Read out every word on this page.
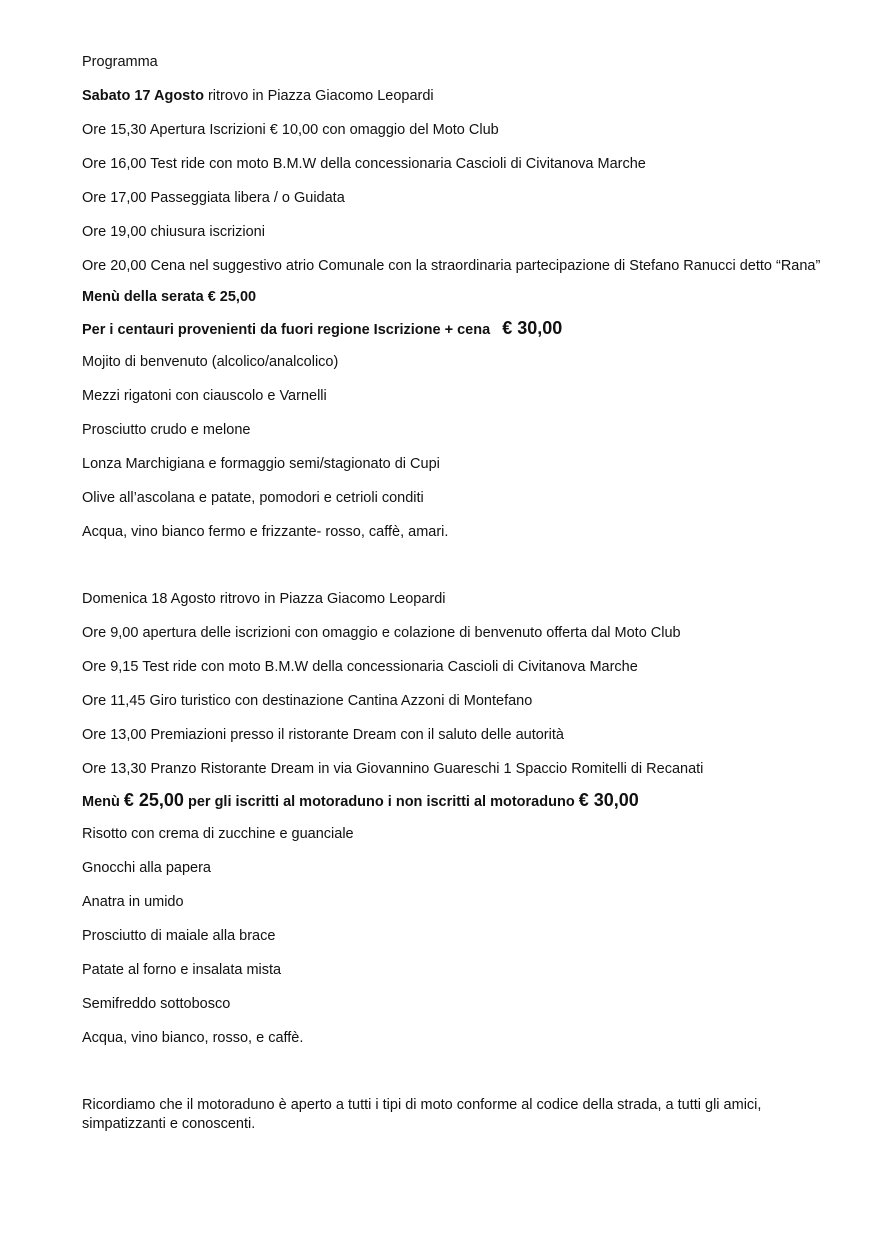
Programma
Sabato 17 Agosto ritrovo in Piazza Giacomo Leopardi
Ore 15,30 Apertura Iscrizioni € 10,00 con omaggio del Moto Club
Ore 16,00 Test ride con moto B.M.W della concessionaria Cascioli di Civitanova Marche
Ore 17,00 Passeggiata libera / o Guidata
Ore 19,00 chiusura iscrizioni
Ore 20,00 Cena nel suggestivo atrio Comunale con la straordinaria partecipazione di Stefano Ranucci detto “Rana”
Menù della serata € 25,00
Per i centauri provenienti da fuori regione Iscrizione + cena € 30,00
Mojito di benvenuto (alcolico/analcolico)
Mezzi rigatoni con ciauscolo e Varnelli
Prosciutto crudo e melone
Lonza Marchigiana e formaggio semi/stagionato di Cupi
Olive all’ascolana e patate, pomodori e cetrioli conditi
Acqua, vino bianco fermo e frizzante- rosso, caffè, amari.
Domenica 18 Agosto ritrovo in Piazza Giacomo Leopardi
Ore 9,00 apertura delle iscrizioni con omaggio e colazione di benvenuto offerta dal Moto Club
Ore 9,15 Test ride con moto B.M.W della concessionaria Cascioli di Civitanova Marche
Ore 11,45 Giro turistico con destinazione Cantina Azzoni di Montefano
Ore 13,00 Premiazioni presso il ristorante Dream con il saluto delle autorità
Ore 13,30 Pranzo Ristorante Dream in via Giovannino Guareschi 1 Spaccio Romitelli di Recanati
Menù € 25,00 per gli iscritti al motoraduno i non iscritti al motoraduno € 30,00
Risotto con crema di zucchine e guanciale
Gnocchi alla papera
Anatra in umido
Prosciutto di maiale alla brace
Patate al forno e insalata mista
Semifreddo sottobosco
Acqua, vino bianco, rosso, e caffè.
Ricordiamo che il motoraduno è aperto a tutti i tipi di moto conforme al codice della strada, a tutti gli amici, simpatizzanti e conoscenti.
